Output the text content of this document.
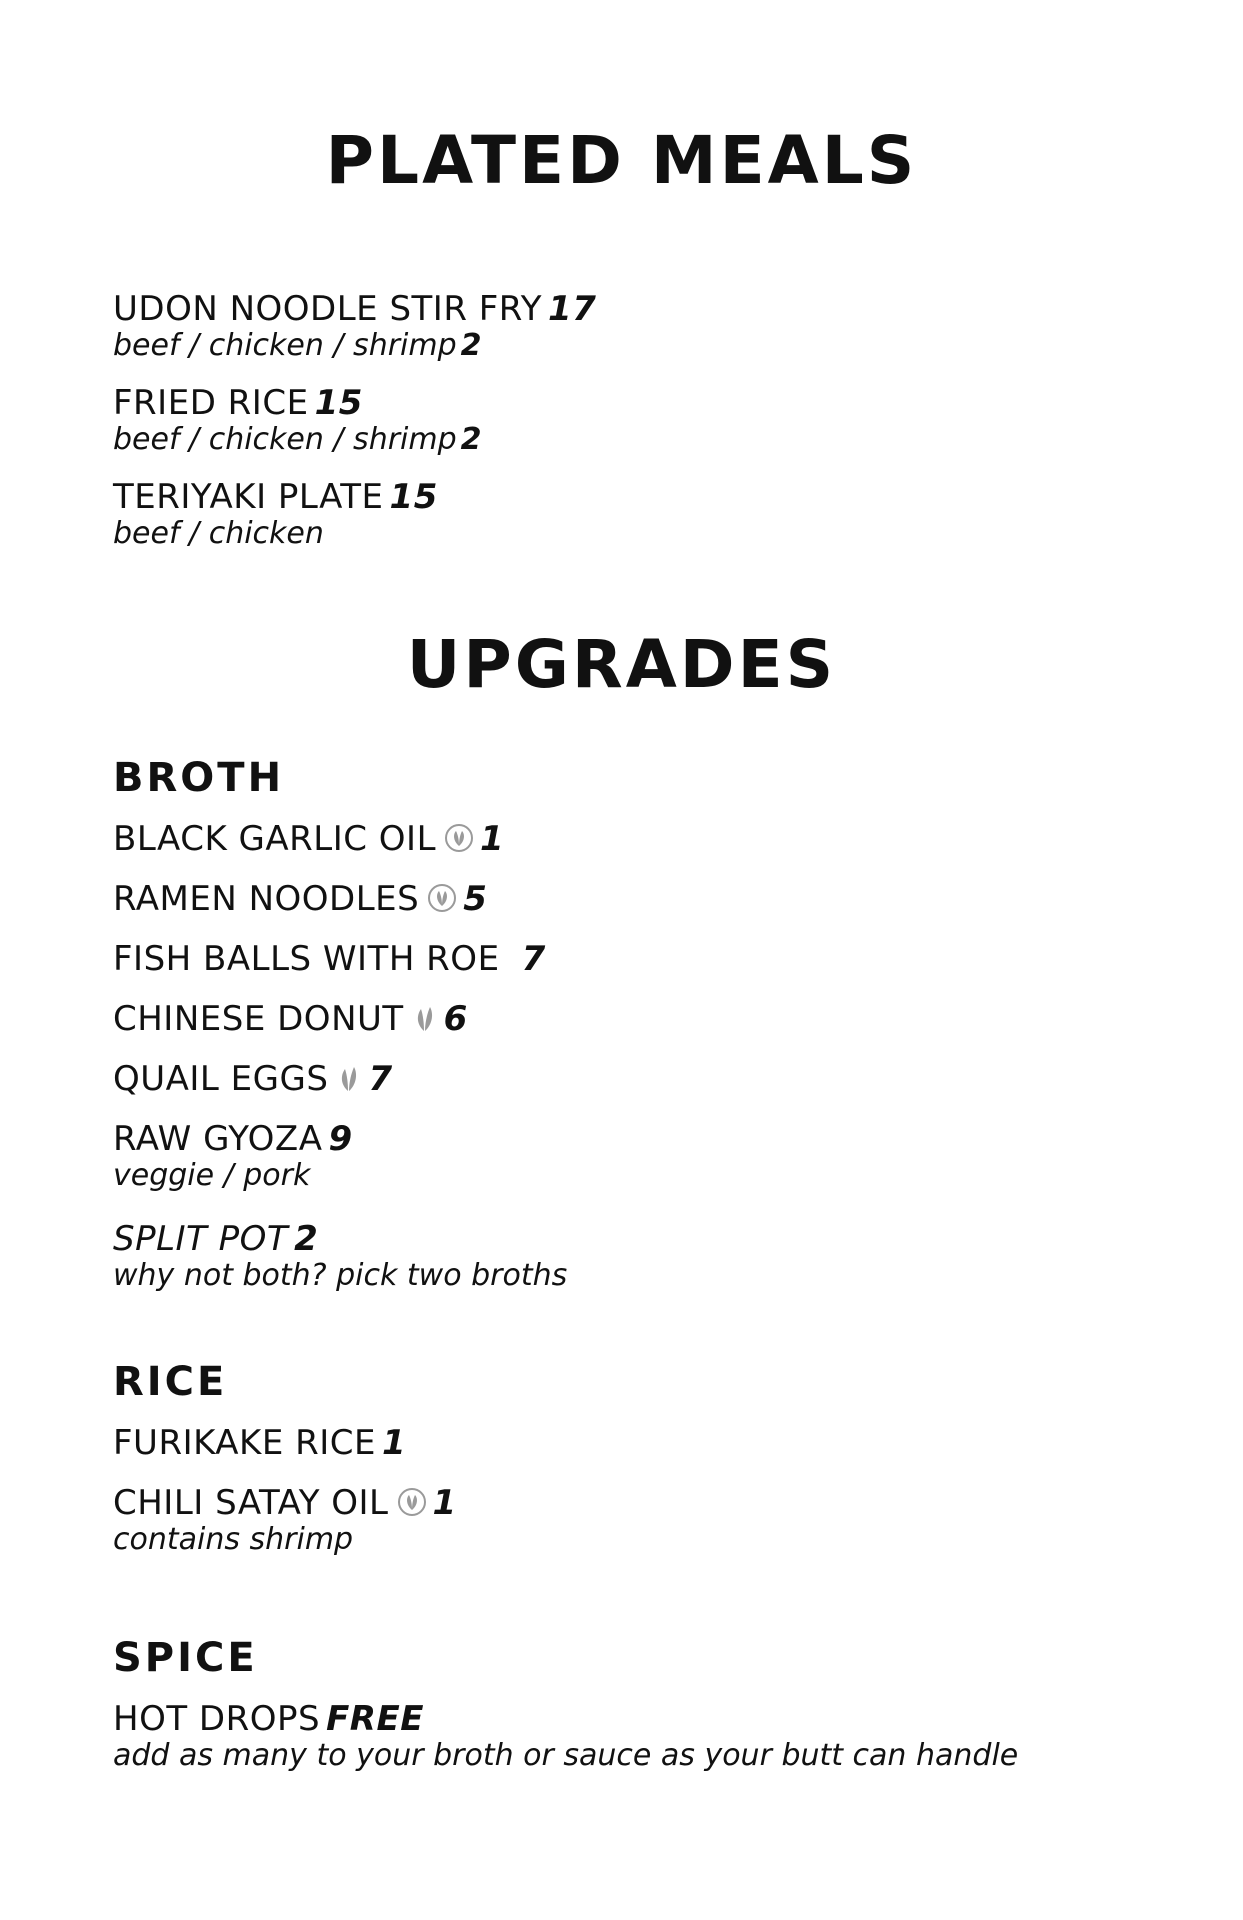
PLATED MEALS
UDON NOODLE STIR FRY 17
beef / chicken / shrimp 2
FRIED RICE 15
beef / chicken / shrimp 2
TERIYAKI PLATE 15
beef / chicken
UPGRADES
BROTH
BLACK GARLIC OIL 1
RAMEN NOODLES 5
FISH BALLS WITH ROE 7
CHINESE DONUT 6
QUAIL EGGS 7
RAW GYOZA 9
veggie / pork
SPLIT POT 2
why not both? pick two broths
RICE
FURIKAKE RICE 1
CHILI SATAY OIL 1
contains shrimp
SPICE
HOT DROPS FREE
add as many to your broth or sauce as your butt can handle
